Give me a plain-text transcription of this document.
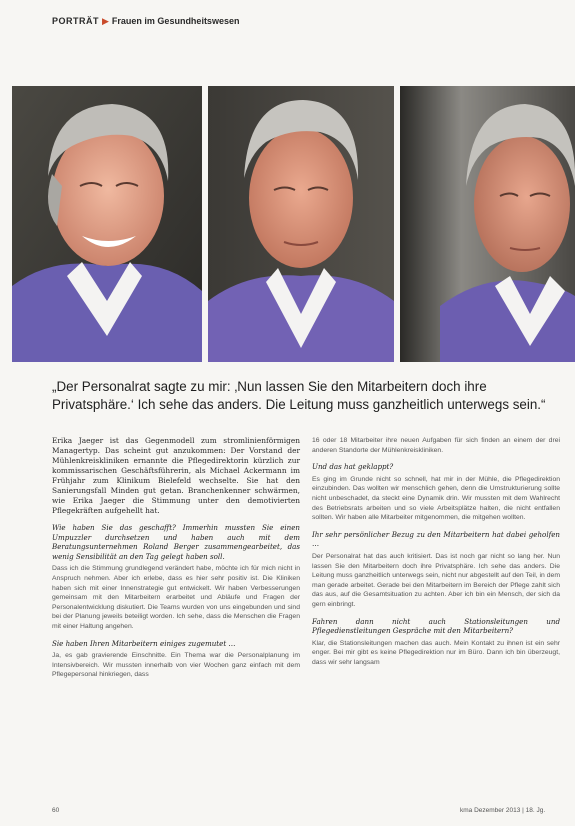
PORTRÄT ▶ Frauen im Gesundheitswesen

„Der Personalrat sagte zu mir: ‚Nun lassen Sie den Mitarbeitern doch ihre Privatsphäre.‘ Ich sehe das anders. Die Leitung muss ganzheitlich unterwegs sein.“

Erika Jaeger ist das Gegenmodell zum stromlinienförmigen Managertyp. Das scheint gut anzukommen: Der Vorstand der Mühlenkreiskliniken ernannte die Pflegedirektorin kürzlich zur kommissarischen Geschäftsführerin, als Michael Ackermann im Frühjahr zum Klinikum Bielefeld wechselte. Sie hat den Sanierungsfall Minden gut getan. Branchenkenner schwärmen, wie Erika Jaeger die Stimmung unter den demotivierten Pflegekräften aufgehellt hat.

Wie haben Sie das geschafft? Immerhin mussten Sie einen Umpuzzler durchsetzen und haben auch mit dem Beratungsunternehmen Roland Berger zusammengearbeitet, das wenig Sensibilität an den Tag gelegt haben soll.

Dass ich die Stimmung grundlegend verändert habe, möchte ich für mich nicht in Anspruch nehmen. Aber ich erlebe, dass es hier sehr positiv ist. Die Kliniken haben sich mit einer Innenstrategie gut entwickelt. Wir haben Verbesserungen gemeinsam mit den Mitarbeitern erarbeitet und Abläufe und Fragen der Personalentwicklung diskutiert. Die Teams wurden von uns eingebunden und sind bei der Planung jeweils beteiligt worden. Ich sehe, dass die Menschen die Fragen mit einer Haltung angehen.

Sie haben Ihren Mitarbeitern einiges zugemutet …

Ja, es gab gravierende Einschnitte. Ein Thema war die Personalplanung im Intensivbereich. Wir mussten innerhalb von vier Wochen ganz einfach mit dem Pflegepersonal hinkriegen, dass

16 oder 18 Mitarbeiter ihre neuen Aufgaben für sich finden an einem der drei anderen Standorte der Mühlenkreiskliniken.

Und das hat geklappt?

Es ging im Grunde nicht so schnell, hat mir in der Mühle, die Pflegedirektion einzubinden. Das wollten wir menschlich gehen, denn die Umstrukturierung sollte nicht unbeschadet, da steckt eine Dynamik drin. Wir mussten mit dem Wahlrecht des Betriebsrats arbeiten und so viele Arbeitsplätze halten, die nicht entfallen sollten. Wir haben alle Mitarbeiter mitgenommen, die mitgehen wollten.

Ihr sehr persönlicher Bezug zu den Mitarbeitern hat dabei geholfen …

Der Personalrat hat das auch kritisiert. Das ist noch gar nicht so lang her. Nun lassen Sie den Mitarbeitern doch ihre Privatsphäre. Ich sehe das anders. Die Leitung muss ganzheitlich unterwegs sein, nicht nur abgestellt auf den Teil, in dem man gerade arbeitet. Gerade bei den Mitarbeitern im Bereich der Pflege zahlt sich das aus, auf die Gesamtsituation zu achten. Aber ich bin ein Mensch, der sich da gern einbringt.

Fahren dann nicht auch Stationsleitungen und Pflegedienstleitungen Gespräche mit den Mitarbeitern?

Klar, die Stationsleitungen machen das auch. Mein Kontakt zu ihnen ist ein sehr enger. Bei mir gibt es keine Pflegedirektion nur im Büro. Dann ich bin überzeugt, dass wir sehr langsam

60	kma Dezember 2013 | 18. Jg.
